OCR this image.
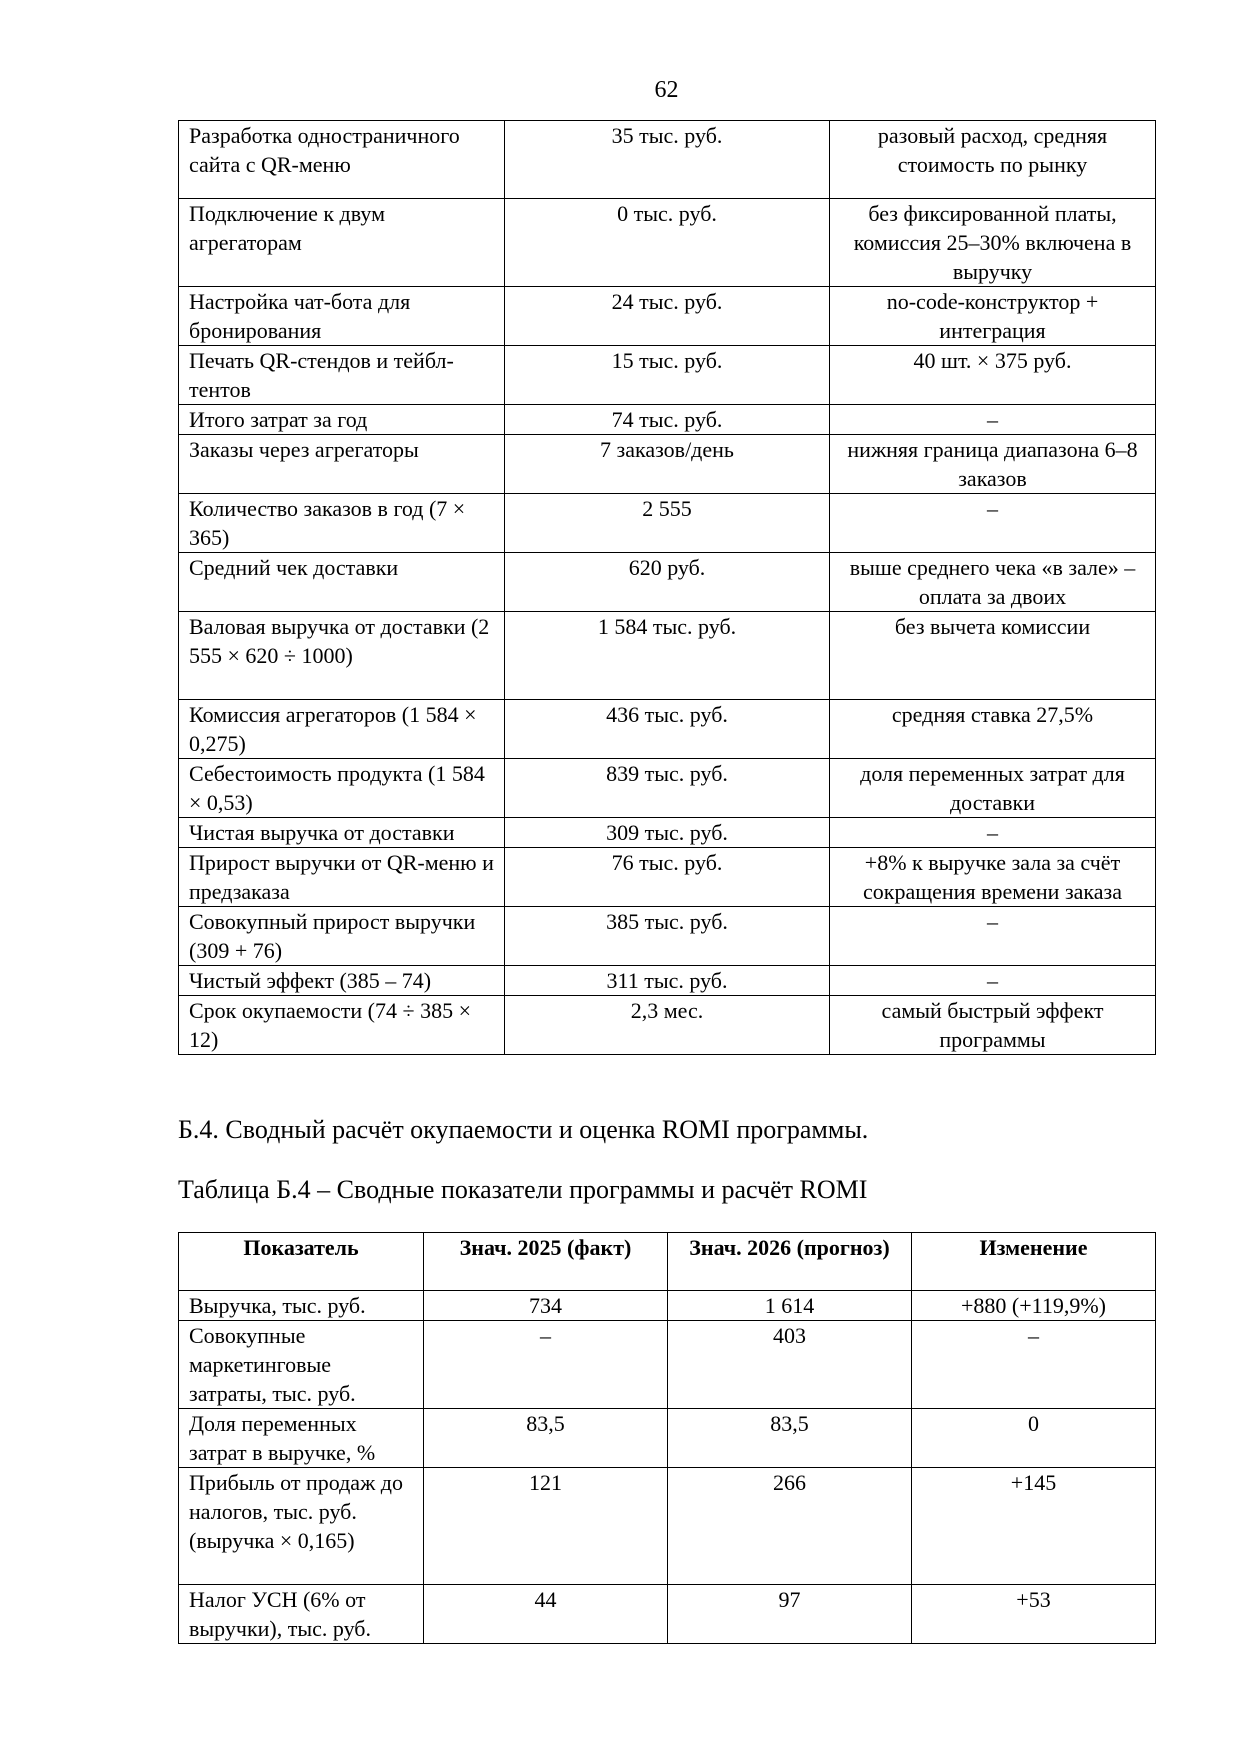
62
Разработка одностраничного сайта с QR-меню	35 тыс. руб.	разовый расход, средняя стоимость по рынку
Подключение к двум агрегаторам	0 тыс. руб.	без фиксированной платы, комиссия 25–30% включена в выручку
Настройка чат-бота для бронирования	24 тыс. руб.	no-code-конструктор + интеграция
Печать QR-стендов и тейбл-тентов	15 тыс. руб.	40 шт. × 375 руб.
Итого затрат за год	74 тыс. руб.	–
Заказы через агрегаторы	7 заказов/день	нижняя граница диапазона 6–8 заказов
Количество заказов в год (7 × 365)	2 555	–
Средний чек доставки	620 руб.	выше среднего чека «в зале» – оплата за двоих
Валовая выручка от доставки (2 555 × 620 ÷ 1000)	1 584 тыс. руб.	без вычета комиссии
Комиссия агрегаторов (1 584 × 0,275)	436 тыс. руб.	средняя ставка 27,5%
Себестоимость продукта (1 584 × 0,53)	839 тыс. руб.	доля переменных затрат для доставки
Чистая выручка от доставки	309 тыс. руб.	–
Прирост выручки от QR-меню и предзаказа	76 тыс. руб.	+8% к выручке зала за счёт сокращения времени заказа
Совокупный прирост выручки (309 + 76)	385 тыс. руб.	–
Чистый эффект (385 – 74)	311 тыс. руб.	–
Срок окупаемости (74 ÷ 385 × 12)	2,3 мес.	самый быстрый эффект программы
Б.4. Сводный расчёт окупаемости и оценка ROMI программы.

Таблица Б.4 – Сводные показатели программы и расчёт ROMI

Показатель	Знач. 2025 (факт)	Знач. 2026 (прогноз)	Изменение
Выручка, тыс. руб.	734	1 614	+880 (+119,9%)
Совокупные маркетинговые затраты, тыс. руб.	–	403	–
Доля переменных затрат в выручке, %	83,5	83,5	0
Прибыль от продаж до налогов, тыс. руб. (выручка × 0,165)	121	266	+145
Налог УСН (6% от выручки), тыс. руб.	44	97	+53
